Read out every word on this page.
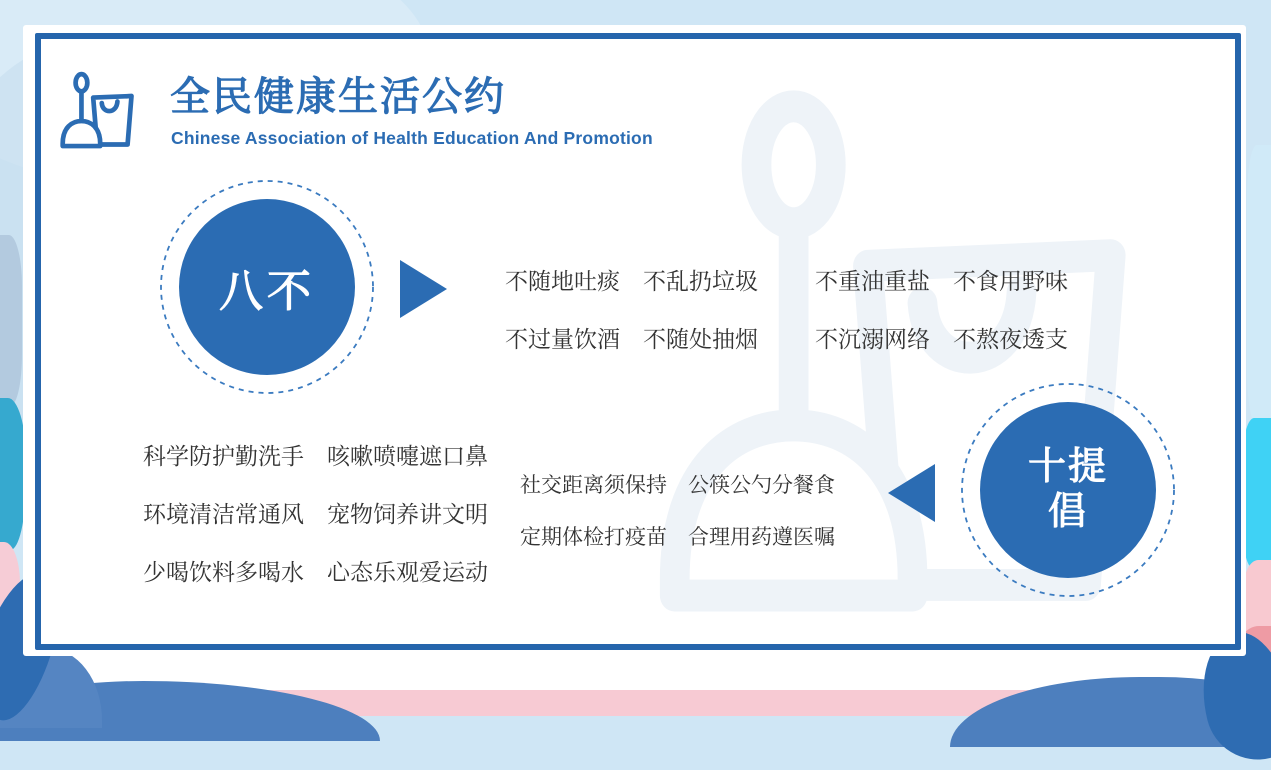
全民健康生活公约
Chinese Association of Health Education And Promotion
八不	不随地吐痰　不乱扔垃圾 不重油重盐　不食用野味
不过量饮酒　不随处抽烟 不沉溺网络　不熬夜透支
科学防护勤洗手　咳嗽喷嚏遮口鼻
环境清洁常通风　宠物饲养讲文明
少喝饮料多喝水　心态乐观爱运动
社交距离须保持　公筷公勺分餐食
定期体检打疫苗　合理用药遵医嘱
十提
倡
